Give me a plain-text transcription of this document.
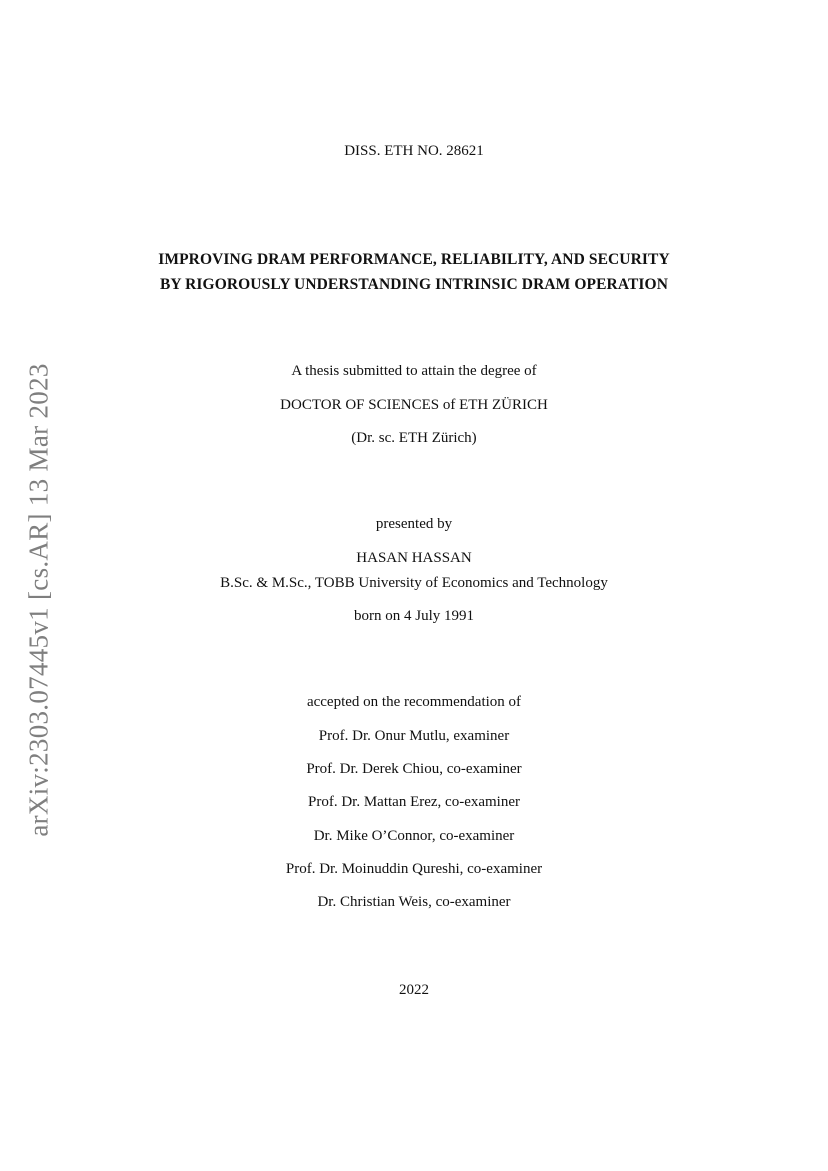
arXiv:2303.07445v1 [cs.AR] 13 Mar 2023
DISS. ETH NO. 28621
IMPROVING DRAM PERFORMANCE, RELIABILITY, AND SECURITY
BY RIGOROUSLY UNDERSTANDING INTRINSIC DRAM OPERATION
A thesis submitted to attain the degree of
DOCTOR OF SCIENCES of ETH ZÜRICH
(Dr. sc. ETH Zürich)
presented by
HASAN HASSAN
B.Sc. & M.Sc., TOBB University of Economics and Technology
born on 4 July 1991
accepted on the recommendation of
Prof. Dr. Onur Mutlu, examiner
Prof. Dr. Derek Chiou, co-examiner
Prof. Dr. Mattan Erez, co-examiner
Dr. Mike O’Connor, co-examiner
Prof. Dr. Moinuddin Qureshi, co-examiner
Dr. Christian Weis, co-examiner
2022
